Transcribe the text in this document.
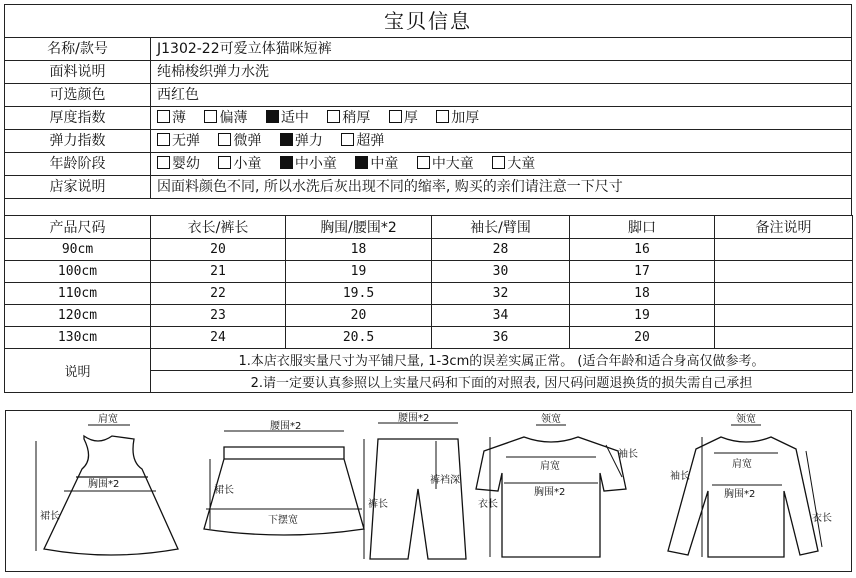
宝贝信息	
名称/款号	J1302-22可爱立体猫咪短裤
面料说明	纯棉梭织弹力水洗
可选颜色	西红色
厚度指数	薄 偏薄 适中 稍厚 厚 加厚
弹力指数	无弹 微弹 弹力 超弹
年龄阶段	婴幼 小童 中小童 中童 中大童 大童
店家说明	因面料颜色不同, 所以水洗后灰出现不同的缩率, 购买的亲们请注意一下尺寸

产品尺码	衣长/裤长	胸围/腰围*2	袖长/臂围	脚口	备注说明
90cm	20	18	28	16	
100cm	21	19	30	17	
110cm	22	19.5	32	18	
120cm	23	20	34	19	
130cm	24	20.5	36	20	
说明	1.本店衣服实量尺寸为平铺尺量, 1-3cm的误差实属正常。 (适合年龄和适合身高仅做参考。				
	2.请一定要认真参照以上实量尺码和下面的对照表, 因尺码问题退换货的损失需自己承担				
肩宽
胸围*2
裙长
腰围*2
裙长
下摆宽
腰围*2
裤长
裤裆深
领宽
肩宽
袖长
胸围*2
衣长
领宽
肩宽
袖长
胸围*2
衣长
